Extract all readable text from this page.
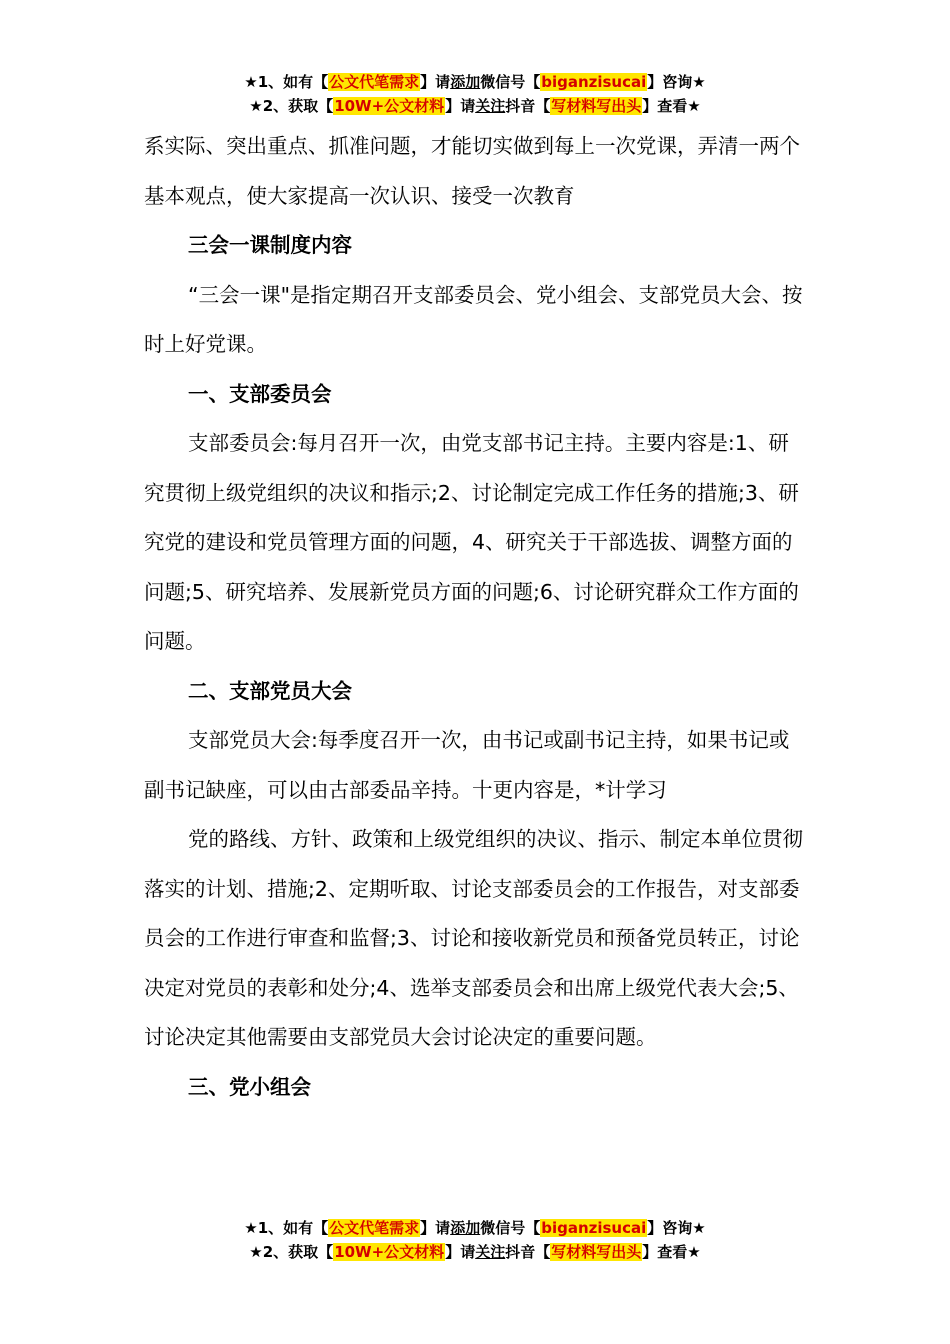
★1、如有【公文代笔需求】请添加微信号【biganzisucai】咨询★
★2、获取【10W+公文材料】请关注抖音【写材料写出头】查看★

系实际、突出重点、抓准问题，才能切实做到每上一次党课，弄清一两个基本观点，使大家提高一次认识、接受一次教育

三会一课制度内容

“三会一课"是指定期召开支部委员会、党小组会、支部党员大会、按时上好党课。

一、支部委员会

支部委员会:每月召开一次，由党支部书记主持。主要内容是:1、研究贯彻上级党组织的决议和指示;2、讨论制定完成工作任务的措施;3、研究党的建设和党员管理方面的问题，4、研究关于干部选拔、调整方面的问题;5、研究培养、发展新党员方面的问题;6、讨论研究群众工作方面的问题。

二、支部党员大会

支部党员大会:每季度召开一次，由书记或副书记主持，如果书记或副书记缺座，可以由古部委品辛持。十更内容是，*计学习

党的路线、方针、政策和上级党组织的决议、指示、制定本单位贯彻落实的计划、措施;2、定期听取、讨论支部委员会的工作报告，对支部委员会的工作进行审查和监督;3、讨论和接收新党员和预备党员转正，讨论决定对党员的表彰和处分;4、选举支部委员会和出席上级党代表大会;5、讨论决定其他需要由支部党员大会讨论决定的重要问题。

三、党小组会

★1、如有【公文代笔需求】请添加微信号【biganzisucai】咨询★
★2、获取【10W+公文材料】请关注抖音【写材料写出头】查看★
